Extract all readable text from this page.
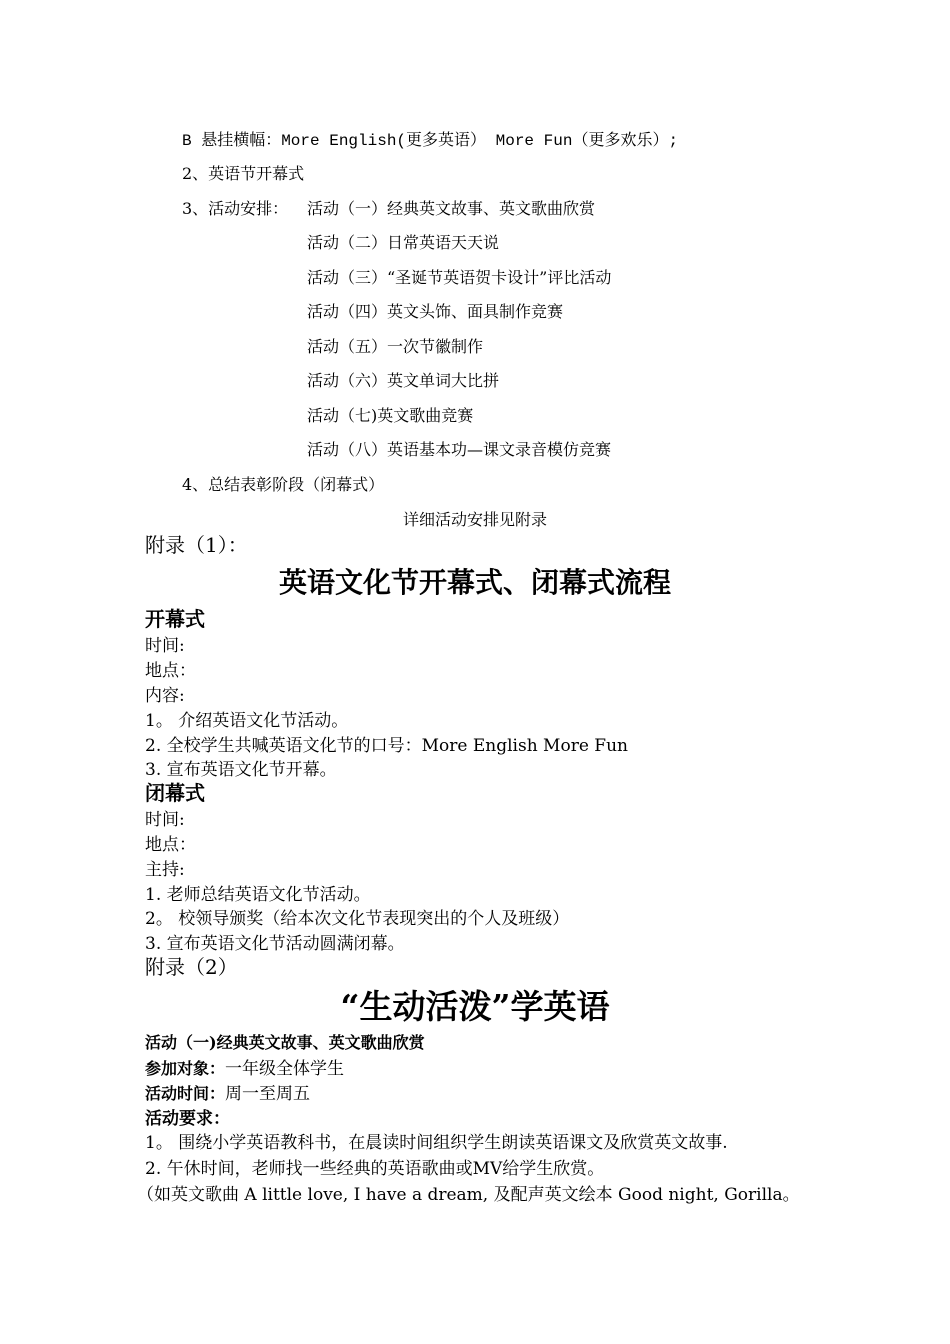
B 悬挂横幅：More English(更多英语） More Fun（更多欢乐）;
2、英语节开幕式
3、活动安排： 活动（一）经典英文故事、英文歌曲欣赏
活动（二）日常英语天天说
活动（三）“圣诞节英语贺卡设计”评比活动
活动（四）英文头饰、面具制作竞赛
活动（五）一次节徽制作
活动（六）英文单词大比拼
活动（七)英文歌曲竞赛
活动（八）英语基本功—课文录音模仿竞赛
4、总结表彰阶段（闭幕式）
详细活动安排见附录
附录（1）：
英语文化节开幕式、闭幕式流程
开幕式
时间:
地点：
内容:
1。 介绍英语文化节活动。
2. 全校学生共喊英语文化节的口号：More English More Fun
3. 宣布英语文化节开幕。
闭幕式
时间:
地点：
主持:
1. 老师总结英语文化节活动。
2。 校领导颁奖（给本次文化节表现突出的个人及班级）
3. 宣布英语文化节活动圆满闭幕。
附录（2）
“生动活泼”学英语
活动（一)经典英文故事、英文歌曲欣赏
参加对象：一年级全体学生
活动时间：周一至周五
活动要求：
1。 围绕小学英语教科书，在晨读时间组织学生朗读英语课文及欣赏英文故事.
2. 午休时间，老师找一些经典的英语歌曲或MV给学生欣赏。
（如英文歌曲 A little love, I have a dream, 及配声英文绘本 Good night, Gorilla。
